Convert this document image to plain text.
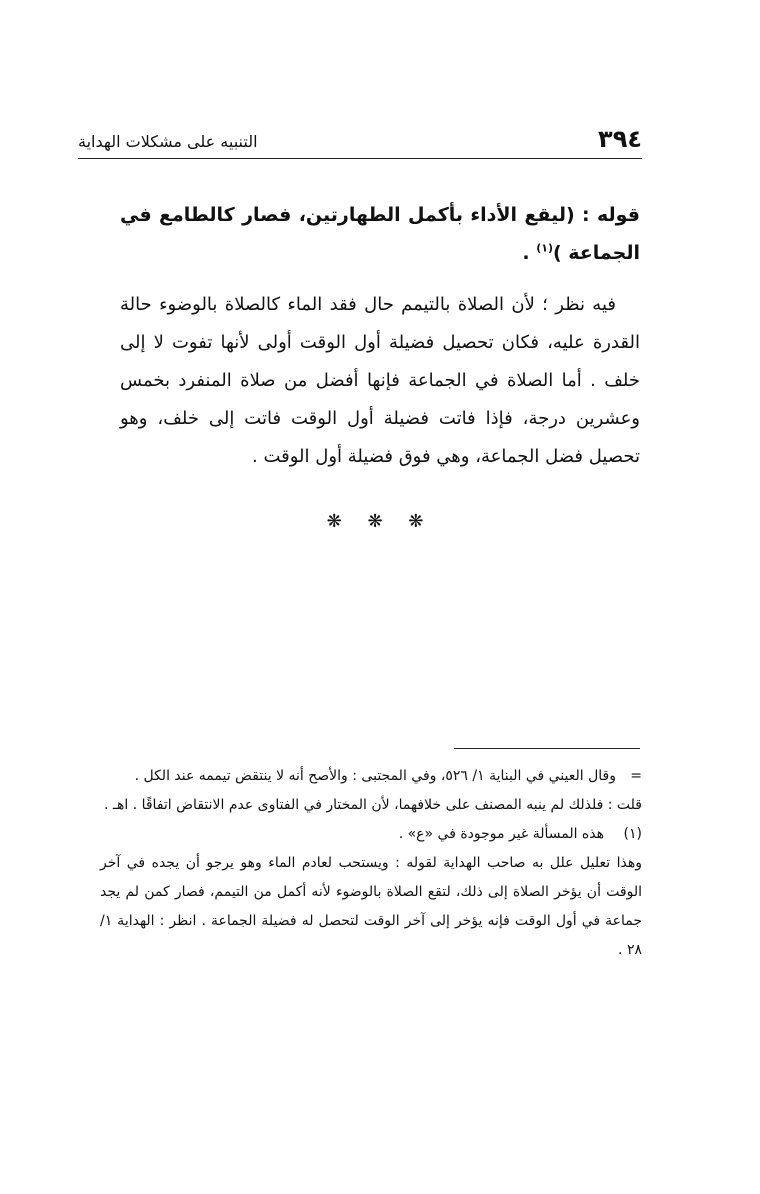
٣٩٤
التنبيه على مشكلات الهداية

قوله : (ليقع الأداء بأكمل الطهارتين، فصار كالطامع في الجماعة )$^{(١)}$ .

فيه نظر ؛ لأن الصلاة بالتيمم حال فقد الماء كالصلاة بالوضوء حالة القدرة عليه، فكان تحصيل فضيلة أول الوقت أولى لأنها تفوت لا إلى خلف . أما الصلاة في الجماعة فإنها أفضل من صلاة المنفرد بخمس وعشرين درجة، فإذا فاتت فضيلة أول الوقت فاتت إلى خلف، وهو تحصيل فضل الجماعة، وهي فوق فضيلة أول الوقت .

❋ ❋ ❋

=
وقال العيني في البناية ١/ ٥٢٦، وفي المجتبى : والأصح أنه لا ينتقض تيممه عند الكل .

قلت : فلذلك لم ينبه المصنف على خلافهما، لأن المختار في الفتاوى عدم الانتقاض اتفاقًا . اهـ .

(١)
هذه المسألة غير موجودة في «ع» .

وهذا تعليل علل به صاحب الهداية لقوله : ويستحب لعادم الماء وهو يرجو أن يجده في آخر الوقت أن يؤخر الصلاة إلى ذلك، لتقع الصلاة بالوضوء لأنه أكمل من التيمم، فصار كمن لم يجد جماعة في أول الوقت فإنه يؤخر إلى آخر الوقت لتحصل له فضيلة الجماعة . انظر : الهداية ١/ ٢٨ .
